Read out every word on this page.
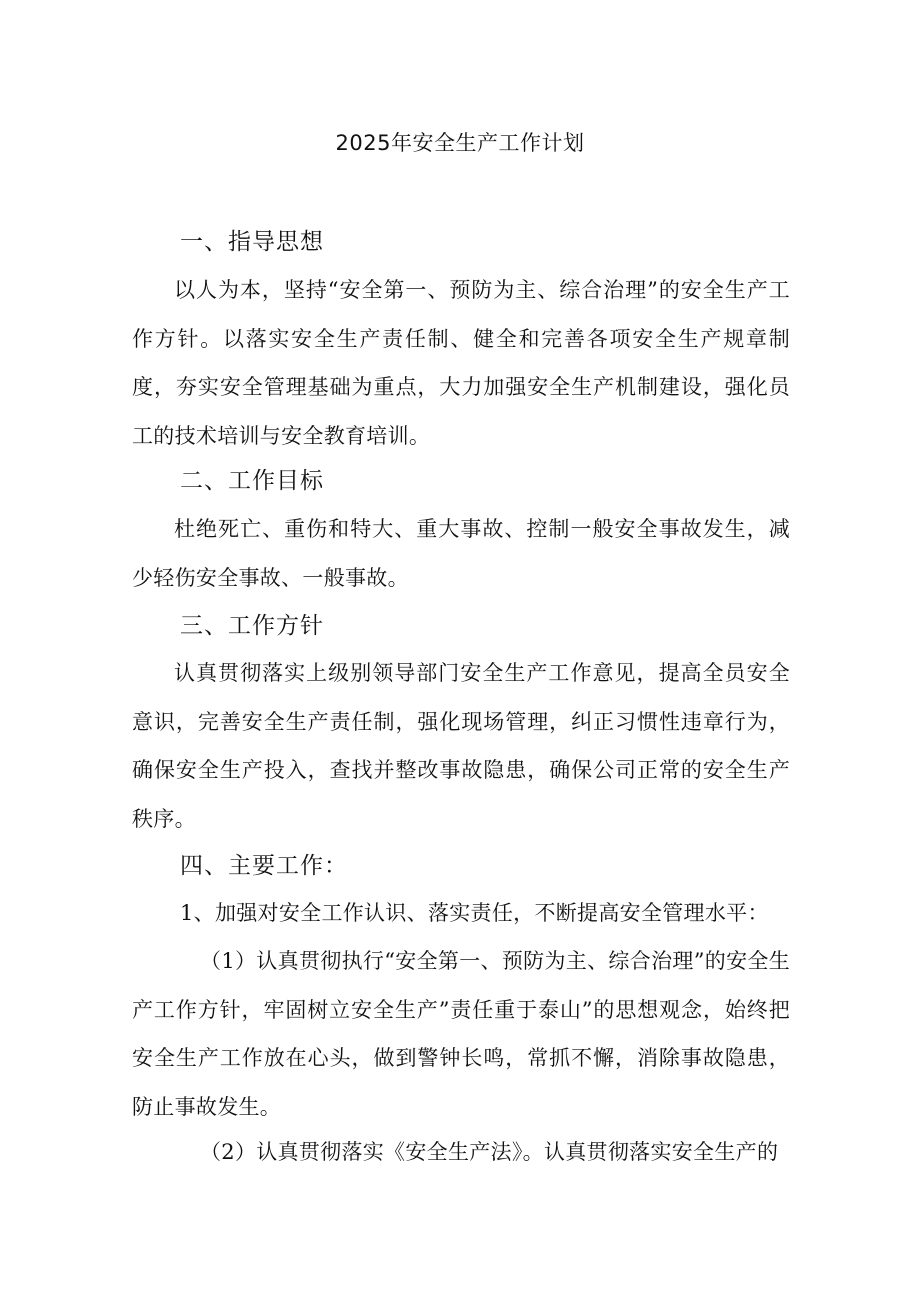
2025年安全生产工作计划
一、指导思想
以人为本，坚持“安全第一、预防为主、综合治理”的安全生产工作方针。以落实安全生产责任制、健全和完善各项安全生产规章制度，夯实安全管理基础为重点，大力加强安全生产机制建设，强化员工的技术培训与安全教育培训。
二、工作目标
杜绝死亡、重伤和特大、重大事故、控制一般安全事故发生，减少轻伤安全事故、一般事故。
三、工作方针
认真贯彻落实上级别领导部门安全生产工作意见，提高全员安全意识，完善安全生产责任制，强化现场管理，纠正习惯性违章行为，确保安全生产投入，查找并整改事故隐患，确保公司正常的安全生产秩序。
四、主要工作：
1、加强对安全工作认识、落实责任，不断提高安全管理水平：
（1）认真贯彻执行“安全第一、预防为主、综合治理”的安全生产工作方针，牢固树立安全生产”责任重于泰山”的思想观念，始终把安全生产工作放在心头，做到警钟长鸣，常抓不懈，消除事故隐患，防止事故发生。
（2）认真贯彻落实《安全生产法》。认真贯彻落实安全生产的
